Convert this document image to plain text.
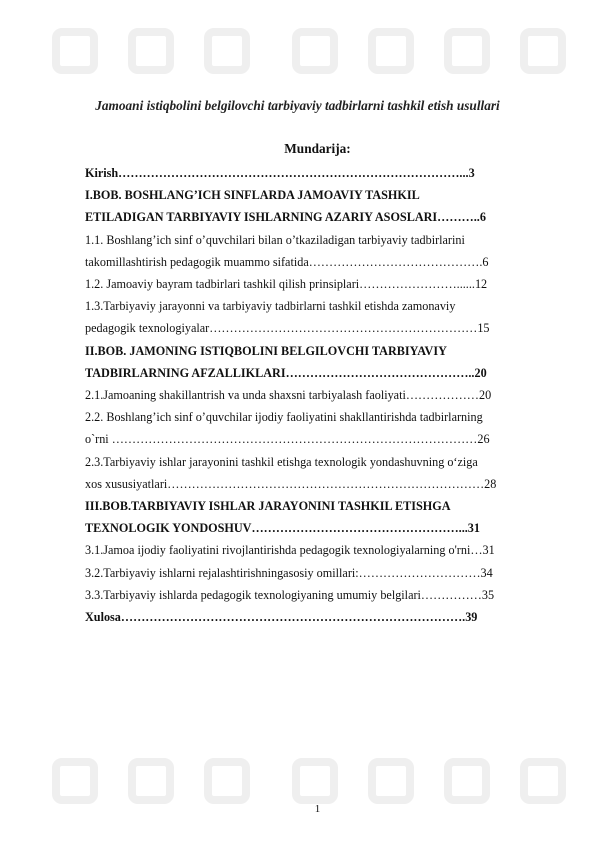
Jamoani istiqbolini belgilovchi tarbiyaviy tadbirlarni tashkil etish usullari
Mundarija:
Kirish…………………………………………………………………………...3
I.BOB. BOSHLANG’ICH SINFLARDA JAMOAVIY TASHKIL
ETILADIGAN TARBIYAVIY ISHLARNING AZARIY ASOSLARI………..6
1.1. Boshlang’ich sinf o’quvchilari bilan o’tkaziladigan tarbiyaviy tadbirlarini
takomillashtirish pedagogik muammo sifatida…………………………………….6
1.2. Jamoaviy bayram tadbirlari tashkil qilish prinsiplari……………………......12
1.3.Tarbiyaviy jarayonni va tarbiyaviy tadbirlarni tashkil etishda zamonaviy
pedagogik texnologiyalar…………………………………………………………15
II.BOB. JAMONING ISTIQBOLINI BELGILOVCHI TARBIYAVIY
TADBIRLARNING AFZALLIKLARI………………………………………..20
2.1.Jamoaning shakillantrish va unda shaxsni tarbiyalash faoliyati………………20
2.2. Boshlang’ich sinf o’quvchilar ijodiy faoliyatini shakllantirishda tadbirlarning
o`rni ………………………………………………………………………………26
2.3.Tarbiyaviy ishlar jarayonini tashkil etishga texnologik yondashuvning o‘ziga
xos xususiyatlari……………………………………………………………………28
III.BOB.TARBIYAVIY ISHLAR JARAYONINI TASHKIL ETISHGA
TEXNOLOGIK YONDOSHUV……………………………………………...31
3.1.Jamoa ijodiy faoliyatini rivojlantirishda pedagogik texnologiyalarning o'rni…31
3.2.Tarbiyaviy ishlarni rejalashtirishningasosiy omillari:…………………………34
3.3.Tarbiyaviy ishlarda pedagogik texnologiyaning umumiy belgilari……………35
Xulosa………………………………………………………………………….39
1
